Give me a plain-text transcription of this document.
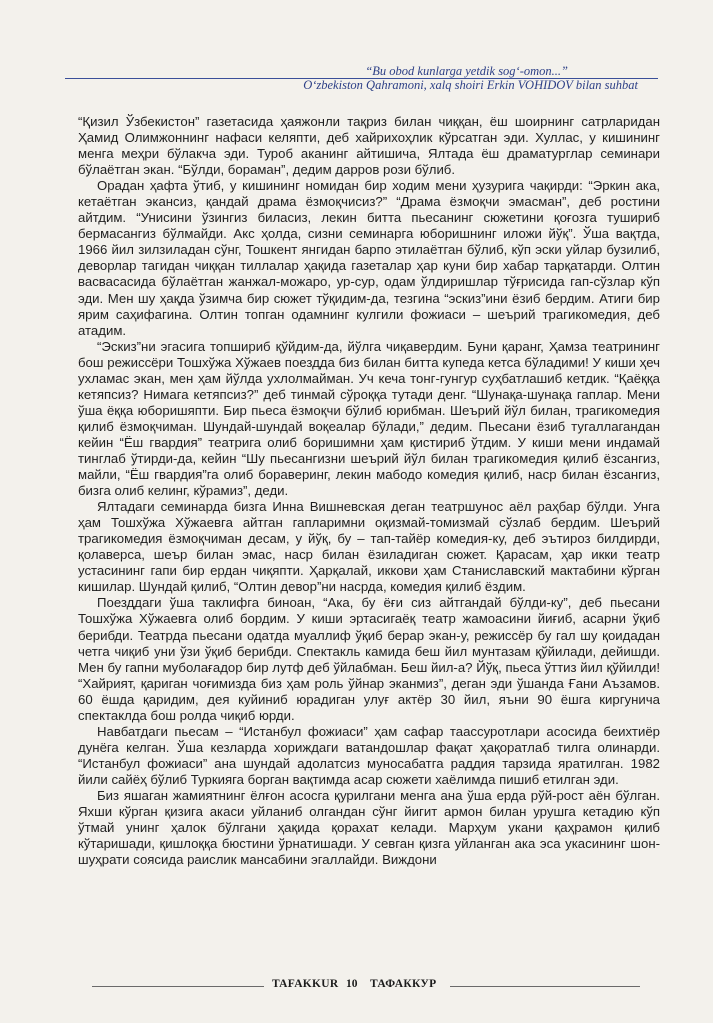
“Bu obod kunlarga yetdik sog‘-omon...”
O‘zbekiston Qahramoni, xalq shoiri Erkin VOHIDOV bilan suhbat

“Қизил Ўзбекистон” газетасида ҳаяжонли тақриз билан чиққан, ёш шоирнинг сатрларидан Ҳамид Олимжоннинг нафаси келяпти, деб хайрихоҳлик кўрсатган эди. Хуллас, у кишининг менга меҳри бўлакча эди. Туроб аканинг айтишича, Ялтада ёш драматурглар семинари бўлаётган экан. “Бўлди, бораман”, дедим дарров рози бўлиб.

Орадан ҳафта ўтиб, у кишининг номидан бир ходим мени ҳузурига чақирди: “Эркин ака, кетаётган экансиз, қандай драма ёзмоқчисиз?” “Драма ёзмоқчи эмасман”, деб ростини айтдим. “Унисини ўзингиз биласиз, лекин битта пьесанинг сюжетини қоғозга тушириб бермасангиз бўлмайди. Акс ҳолда, сизни семинарга юборишнинг иложи йўқ”. Ўша вақтда, 1966 йил зилзиладан сўнг, Тошкент янгидан барпо этилаётган бўлиб, кўп эски уйлар бузилиб, деворлар тагидан чиққан тиллалар ҳақида газеталар ҳар куни бир хабар тарқатарди. Олтин васвасасида бўлаётган жанжал-можаро, ур-сур, одам ўлдиришлар тўғрисида гап-сўзлар кўп эди. Мен шу ҳақда ўзимча бир сюжет тўқидим-да, тезгина “эскиз”ини ёзиб бердим. Атиги бир ярим саҳифагина. Олтин топган одамнинг кулгили фожиаси – шеърий трагикомедия, деб атадим.

“Эскиз”ни эгасига топшириб қўйдим-да, йўлга чиқавердим. Буни қаранг, Ҳамза театрининг бош режиссёри Тошхўжа Хўжаев поездда биз билан битта купеда кетса бўладими! У киши ҳеч ухламас экан, мен ҳам йўлда ухлолмайман. Уч кеча тонг-гунгур суҳбатлашиб кетдик. “Қаёққа кетяпсиз? Нимага кетяпсиз?” деб тинмай сўроққа тутади денг. “Шунақа-шунақа гаплар. Мени ўша ёққа юборишяпти. Бир пьеса ёзмоқчи бўлиб юрибман. Шеърий йўл билан, трагикомедия қилиб ёзмоқчиман. Шундай-шундай воқеалар бўлади,” дедим. Пьесани ёзиб тугаллагандан кейин “Ёш гвардия” театрига олиб боришимни ҳам қистириб ўтдим. У киши мени индамай тинглаб ўтирди-да, кейин “Шу пьесангизни шеърий йўл билан трагикомедия қилиб ёзсангиз, майли, “Ёш гвардия”га олиб бораверинг, лекин мабодо комедия қилиб, наср билан ёзсангиз, бизга олиб келинг, кўрамиз”, деди.

Ялтадаги семинарда бизга Инна Вишневская деган театршунос аёл раҳбар бўлди. Унга ҳам Тошхўжа Хўжаевга айтган гапларимни оқизмай-томизмай сўзлаб бердим. Шеърий трагикомедия ёзмоқчиман десам, у йўқ, бу – тап-тайёр комедия-ку, деб эътироз билдирди, қолаверса, шеър билан эмас, наср билан ёзиладиган сюжет. Қарасам, ҳар икки театр устасининг гапи бир ердан чиқяпти. Ҳарқалай, иккови ҳам Станиславский мактабини кўрган кишилар. Шундай қилиб, “Олтин девор”ни насрда, комедия қилиб ёздим.

Поезддаги ўша таклифга биноан, “Ака, бу ёғи сиз айтгандай бўлди-ку”, деб пьесани Тошхўжа Хўжаевга олиб бордим. У киши эртасигаёқ театр жамоасини йиғиб, асарни ўқиб берибди. Театрда пьесани одатда муаллиф ўқиб берар экан-у, режиссёр бу гал шу қоидадан четга чиқиб уни ўзи ўқиб берибди. Спектакль камида беш йил мунтазам қўйилади, дейишди. Мен бу гапни муболағадор бир лутф деб ўйлабман. Беш йил-а? Йўқ, пьеса ўттиз йил қўйилди! “Хайрият, қариган чоғимизда биз ҳам роль ўйнар эканмиз”, деган эди ўшанда Ғани Аъзамов. 60 ёшда қаридим, дея куйиниб юрадиган улуғ актёр 30 йил, яъни 90 ёшга киргунича спектаклда бош ролда чиқиб юрди.

Навбатдаги пьесам – “Истанбул фожиаси” ҳам сафар таассуротлари асосида беихтиёр дунёга келган. Ўша кезларда хориждаги ватандошлар фақат ҳақоратлаб тилга олинарди. “Истанбул фожиаси” ана шундай адолатсиз муносабатга раддия тарзида яратилган. 1982 йили сайёҳ бўлиб Туркияга борган вақтимда асар сюжети хаёлимда пишиб етилган эди.

Биз яшаган жамиятнинг ёлғон асосга қурилгани менга ана ўша ерда рўй-рост аён бўлган. Яхши кўрган қизига акаси уйланиб олгандан сўнг йигит армон билан урушга кетадию кўп ўтмай унинг ҳалок бўлгани ҳақида қораxат келади. Марҳум укани қаҳрамон қилиб кўтаришади, қишлоққа бюстини ўрнатишади. У севган қизга уйланган ака эса укаcининг шон-шуҳрати соясида раислик мансабини эгаллайди. Виждони

TAFAKKUR 10 ТАФАККУР
